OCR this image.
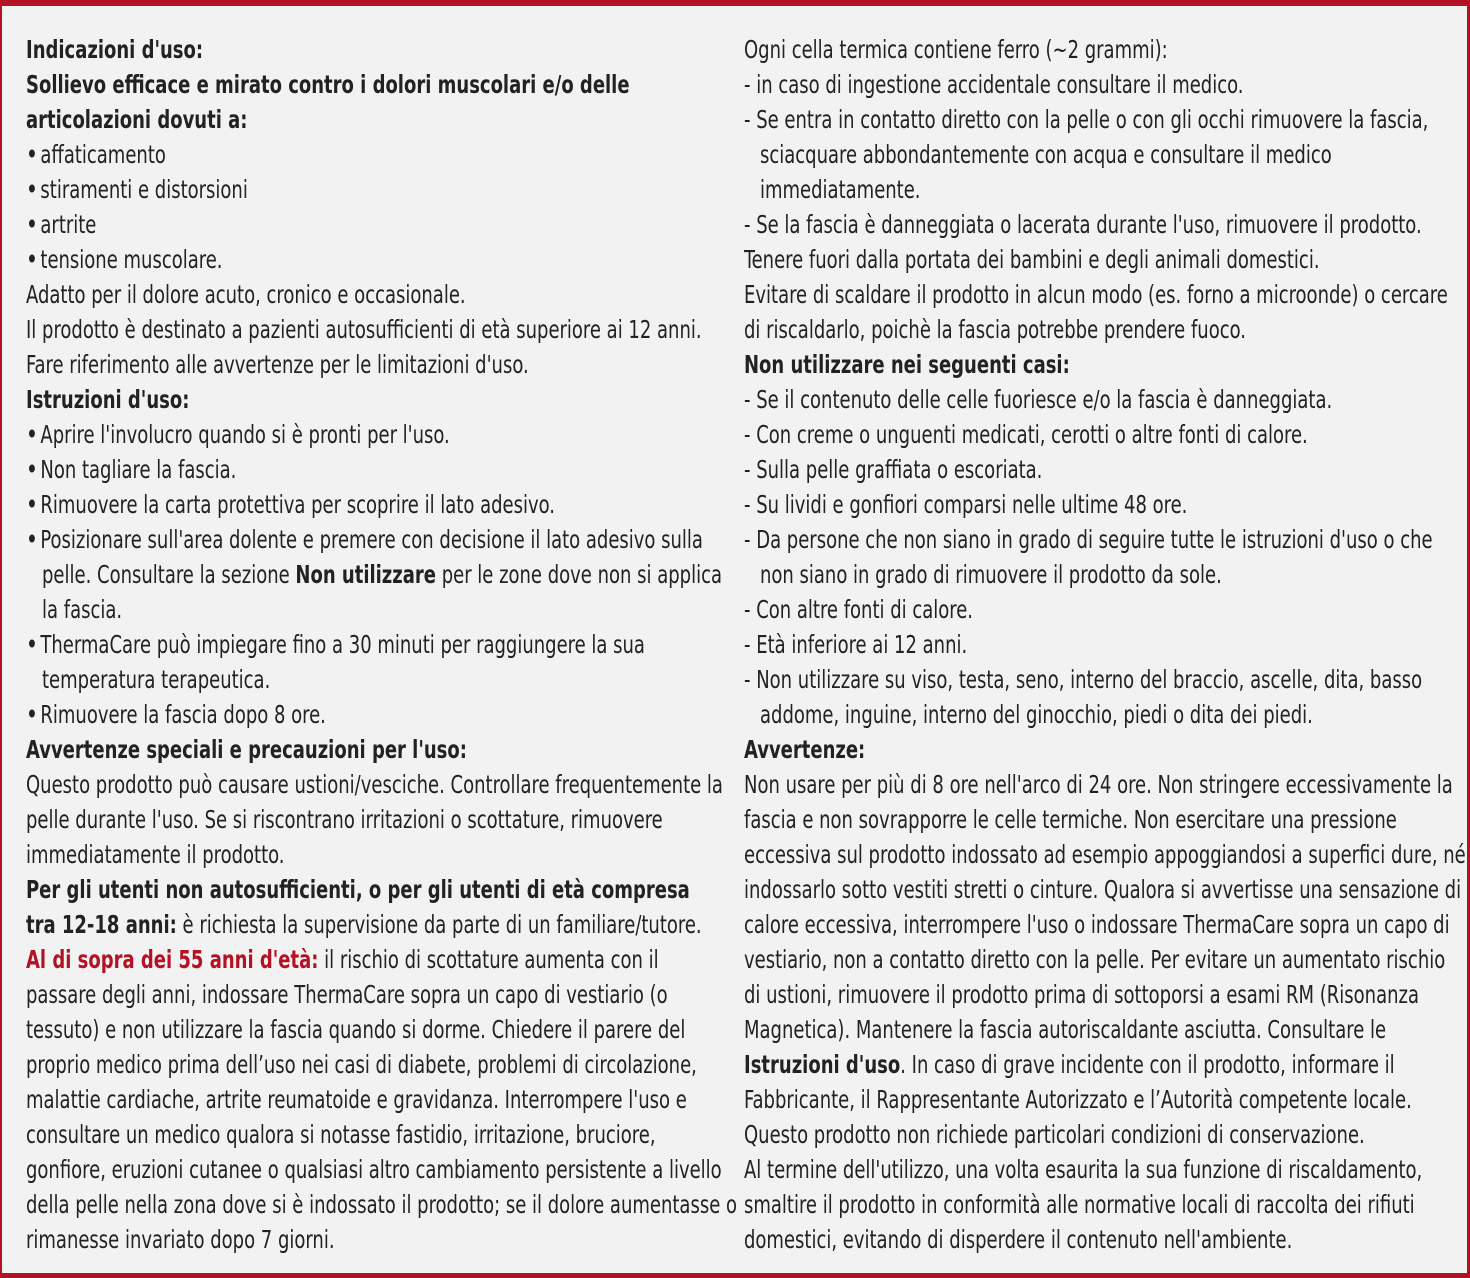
Indicazioni d'uso:
Sollievo efficace e mirato contro i dolori muscolari e/o delle
articolazioni dovuti a:
• affaticamento
• stiramenti e distorsioni
• artrite
• tensione muscolare.
Adatto per il dolore acuto, cronico e occasionale.
Il prodotto è destinato a pazienti autosufficienti di età superiore ai 12 anni.
Fare riferimento alle avvertenze per le limitazioni d'uso.
Istruzioni d'uso:
• Aprire l'involucro quando si è pronti per l'uso.
• Non tagliare la fascia.
• Rimuovere la carta protettiva per scoprire il lato adesivo.
• Posizionare sull'area dolente e premere con decisione il lato adesivo sulla
pelle. Consultare la sezione Non utilizzare per le zone dove non si applica
la fascia.
• ThermaCare può impiegare fino a 30 minuti per raggiungere la sua
temperatura terapeutica.
• Rimuovere la fascia dopo 8 ore.
Avvertenze speciali e precauzioni per l'uso:
Questo prodotto può causare ustioni/vesciche. Controllare frequentemente la
pelle durante l'uso. Se si riscontrano irritazioni o scottature, rimuovere
immediatamente il prodotto.
Per gli utenti non autosufficienti, o per gli utenti di età compresa
tra 12-18 anni: è richiesta la supervisione da parte di un familiare/tutore.
Al di sopra dei 55 anni d'età: il rischio di scottature aumenta con il
passare degli anni, indossare ThermaCare sopra un capo di vestiario (o
tessuto) e non utilizzare la fascia quando si dorme. Chiedere il parere del
proprio medico prima dell’uso nei casi di diabete, problemi di circolazione,
malattie cardiache, artrite reumatoide e gravidanza. Interrompere l'uso e
consultare un medico qualora si notasse fastidio, irritazione, bruciore,
gonfiore, eruzioni cutanee o qualsiasi altro cambiamento persistente a livello
della pelle nella zona dove si è indossato il prodotto; se il dolore aumentasse o
rimanesse invariato dopo 7 giorni.
Ogni cella termica contiene ferro (~2 grammi):
- in caso di ingestione accidentale consultare il medico.
- Se entra in contatto diretto con la pelle o con gli occhi rimuovere la fascia,
sciacquare abbondantemente con acqua e consultare il medico
immediatamente.
- Se la fascia è danneggiata o lacerata durante l'uso, rimuovere il prodotto.
Tenere fuori dalla portata dei bambini e degli animali domestici.
Evitare di scaldare il prodotto in alcun modo (es. forno a microonde) o cercare
di riscaldarlo, poichè la fascia potrebbe prendere fuoco.
Non utilizzare nei seguenti casi:
- Se il contenuto delle celle fuoriesce e/o la fascia è danneggiata.
- Con creme o unguenti medicati, cerotti o altre fonti di calore.
- Sulla pelle graffiata o escoriata.
- Su lividi e gonfiori comparsi nelle ultime 48 ore.
- Da persone che non siano in grado di seguire tutte le istruzioni d'uso o che
non siano in grado di rimuovere il prodotto da sole.
- Con altre fonti di calore.
- Età inferiore ai 12 anni.
- Non utilizzare su viso, testa, seno, interno del braccio, ascelle, dita, basso
addome, inguine, interno del ginocchio, piedi o dita dei piedi.
Avvertenze:
Non usare per più di 8 ore nell'arco di 24 ore. Non stringere eccessivamente la
fascia e non sovrapporre le celle termiche. Non esercitare una pressione
eccessiva sul prodotto indossato ad esempio appoggiandosi a superfici dure, né
indossarlo sotto vestiti stretti o cinture. Qualora si avvertisse una sensazione di
calore eccessiva, interrompere l'uso o indossare ThermaCare sopra un capo di
vestiario, non a contatto diretto con la pelle. Per evitare un aumentato rischio
di ustioni, rimuovere il prodotto prima di sottoporsi a esami RM (Risonanza
Magnetica). Mantenere la fascia autoriscaldante asciutta. Consultare le
Istruzioni d'uso. In caso di grave incidente con il prodotto, informare il
Fabbricante, il Rappresentante Autorizzato e l’Autorità competente locale.
Questo prodotto non richiede particolari condizioni di conservazione.
Al termine dell'utilizzo, una volta esaurita la sua funzione di riscaldamento,
smaltire il prodotto in conformità alle normative locali di raccolta dei rifiuti
domestici, evitando di disperdere il contenuto nell'ambiente.
